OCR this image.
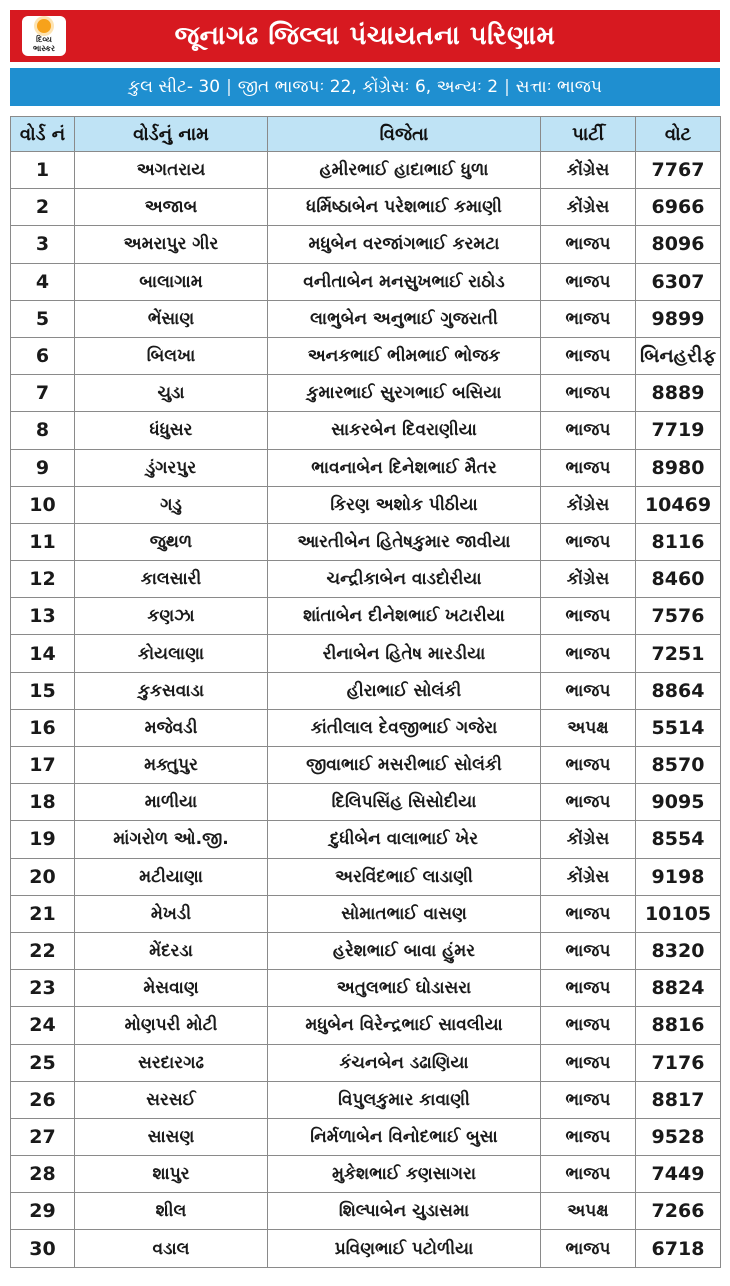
દિવ્ય
ભાસ્કર	જૂનાગઢ જિલ્લા પંચાયતના પરિણામ
કુલ સીટ- 30 | જીત ભાજપઃ 22, કોંગ્રેસઃ 6, અન્યઃ 2 | સત્તાઃ ભાજપ
વોર્ડ નં	વોર્ડનું નામ	વિજેતા	પાર્ટી	વોટ
1	અગતરાય	હમીરભાઈ હાદાભાઈ ધુળા	કોંગ્રેસ	7767
2	અજાબ	ધર્મિષ્ઠાબેન પરેશભાઈ કમાણી	કોંગ્રેસ	6966
3	અમરાપુર ગીર	મધુબેન વરજાંગભાઈ કરમટા	ભાજપ	8096
4	બાલાગામ	વનીતાબેન મનસુખભાઈ રાઠોડ	ભાજપ	6307
5	ભેંસાણ	લાભુબેન અનુભાઈ ગુજરાતી	ભાજપ	9899
6	બિલખા	અનકભાઈ ભીમભાઈ ભોજક	ભાજપ	બિનહરીફ
7	ચુડા	કુમારભાઈ સુરગભાઈ બસિયા	ભાજપ	8889
8	ધંધુસર	સાકરબેન દિવરાણીયા	ભાજપ	7719
9	ડુંગરપુર	ભાવનાબેન દિનેશભાઈ મૈતર	ભાજપ	8980
10	ગડુ	કિરણ અશોક પીઠીયા	કોંગ્રેસ	10469
11	જુથળ	આરતીબેન હિતેષકુમાર જાવીયા	ભાજપ	8116
12	કાલસારી	ચન્દ્રીકાબેન વાડદોરીયા	કોંગ્રેસ	8460
13	કણઝા	શાંતાબેન દીનેશભાઈ ખટારીયા	ભાજપ	7576
14	કોયલાણા	રીનાબેન હિતેષ મારડીયા	ભાજપ	7251
15	કુકસવાડા	હીરાભાઈ સોલંકી	ભાજપ	8864
16	મજેવડી	કાંતીલાલ દેવજીભાઈ ગજેરા	અપક્ષ	5514
17	મક્તુપુર	જીવાભાઈ મસરીભાઈ સોલંકી	ભાજપ	8570
18	માળીયા	દિલિપસિંહ સિસોદીયા	ભાજપ	9095
19	માંગરોળ ઓ.જી.	દુધીબેન વાલાભાઈ ખેર	કોંગ્રેસ	8554
20	મટીયાણા	અરવિંદભાઈ લાડાણી	કોંગ્રેસ	9198
21	મેખડી	સોમાતભાઈ વાસણ	ભાજપ	10105
22	મેંદરડા	હરેશભાઈ બાવા હુંમર	ભાજપ	8320
23	મેસવાણ	અતુલભાઈ ઘોડાસરા	ભાજપ	8824
24	મોણપરી મોટી	મધુબેન વિરેન્દ્રભાઈ સાવલીયા	ભાજપ	8816
25	સરદારગઢ	કંચનબેન ડઢાણિયા	ભાજપ	7176
26	સરસઈ	વિપુલકુમાર કાવાણી	ભાજપ	8817
27	સાસણ	નિર્મળાબેન વિનોદભાઈ બુસા	ભાજપ	9528
28	શાપુર	મુકેશભાઈ કણસાગરા	ભાજપ	7449
29	શીલ	શિલ્પાબેન ચુડાસમા	અપક્ષ	7266
30	વડાલ	પ્રવિણભાઈ પટોળીયા	ભાજપ	6718
